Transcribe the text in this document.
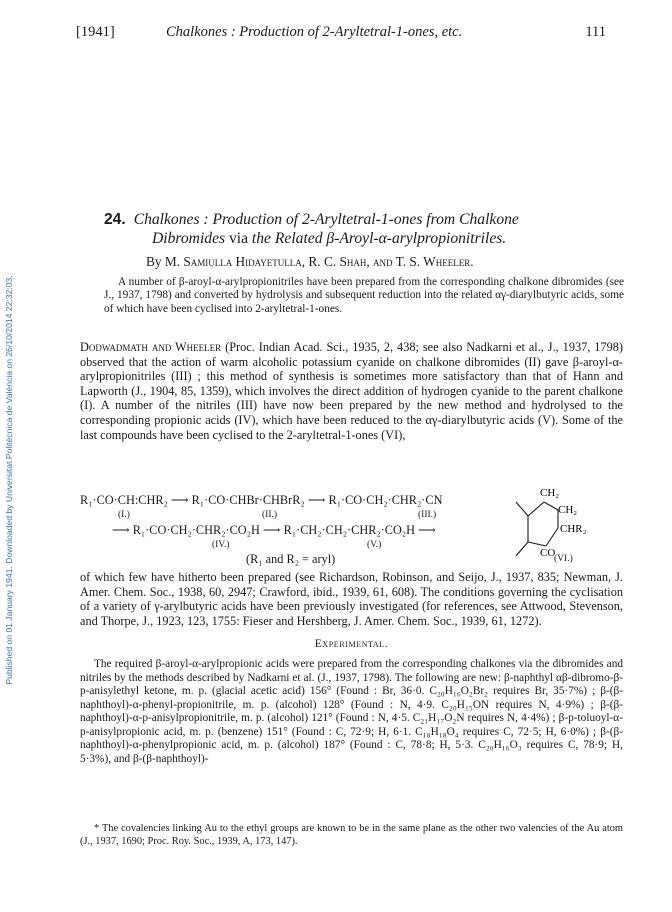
Published on 01 January 1941. Downloaded by Universitat Politècnica de València on 26/10/2014 22:32:03.
[1941]	Chalkones : Production of 2-Aryltetral-1-ones, etc.	111
24. Chalkones : Production of 2-Aryltetral-1-ones from Chalkone
Dibromides via the Related β-Aroyl-α-arylpropionitriles.
By M. Samiulla Hidayetulla, R. C. Shah, and T. S. Wheeler.
A number of β-aroyl-α-arylpropionitriles have been prepared from the corresponding chalkone dibromides (see J., 1937, 1798) and converted by hydrolysis and subsequent reduction into the related αγ-diarylbutyric acids, some of which have been cyclised into 2-aryltetral-1-ones.
Dodwadmath and Wheeler (Proc. Indian Acad. Sci., 1935, 2, 438; see also Nadkarni et al., J., 1937, 1798) observed that the action of warm alcoholic potassium cyanide on chalkone dibromides (II) gave β-aroyl-α-arylpropionitriles (III) ; this method of synthesis is sometimes more satisfactory than that of Hann and Lapworth (J., 1904, 85, 1359), which involves the direct addition of hydrogen cyanide to the parent chalkone (I). A number of the nitriles (III) have now been prepared by the new method and hydrolysed to the corresponding propionic acids (IV), which have been reduced to the αγ-diarylbutyric acids (V). Some of the last compounds have been cyclised to the 2-aryltetral-1-ones (VI),
R₁·CO·CH:CHR₂ ⟶ R₁·CO·CHBr·CHBrR₂ ⟶ R₁·CO·CH₂·CHR₂·CN
(I.)	(II.)	(III.)
⟶ R₁·CO·CH₂·CHR₂·CO₂H ⟶ R₁·CH₂·CH₂·CHR₂·CO₂H ⟶
(IV.)	(V.)
(R₁ and R₂ = aryl)	(VI.)
CH₂
CH₂
CHR₂
CO
of which few have hitherto been prepared (see Richardson, Robinson, and Seijo, J., 1937, 835; Newman, J. Amer. Chem. Soc., 1938, 60, 2947; Crawford, ibid., 1939, 61, 608). The conditions governing the cyclisation of a variety of γ-arylbutyric acids have been previously investigated (for references, see Attwood, Stevenson, and Thorpe, J., 1923, 123, 1755: Fieser and Hershberg, J. Amer. Chem. Soc., 1939, 61, 1272).
Experimental.
The required β-aroyl-α-arylpropionic acids were prepared from the corresponding chalkones via the dibromides and nitriles by the methods described by Nadkarni et al. (J., 1937, 1798). The following are new: β-naphthyl αβ-dibromo-β-p-anisylethyl ketone, m. p. (glacial acetic acid) 156° (Found : Br, 36·0. C₂₀H₁₆O₂Br₂ requires Br, 35·7%) ; β-(β-naphthoyl)-α-phenyl-propionitrile, m. p. (alcohol) 128° (Found : N, 4·9. C₂₀H₁₅ON requires N, 4·9%) ; β-(β-naphthoyl)-α-p-anisylpropionitrile, m. p. (alcohol) 121° (Found : N, 4·5. C₂₁H₁₇O₂N requires N, 4·4%) ; β-p-toluoyl-α-p-anisylpropionic acid, m. p. (benzene) 151° (Found : C, 72·9; H, 6·1. C₁₈H₁₈O₄ requires C, 72·5; H, 6·0%) ; β-(β-naphthoyl)-α-phenylpropionic acid, m. p. (alcohol) 187° (Found : C, 78·8; H, 5·3. C₂₀H₁₆O₃ requires C, 78·9; H, 5·3%), and β-(β-naphthoyl)-
* The covalencies linking Au to the ethyl groups are known to be in the same plane as the other two valencies of the Au atom (J., 1937, 1690; Proc. Roy. Soc., 1939, A, 173, 147).
